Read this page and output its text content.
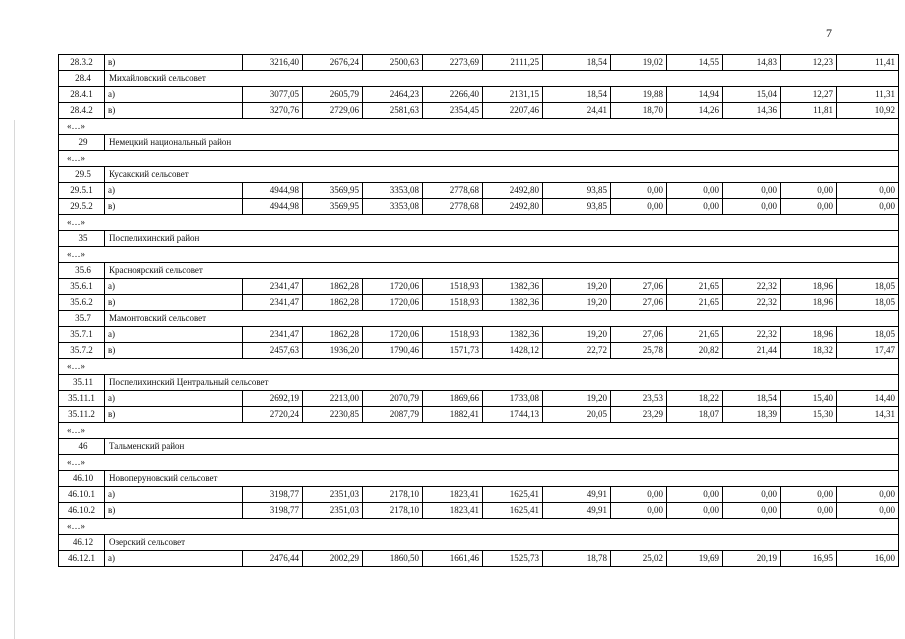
7
28.3.2	в)	3216,40	2676,24	2500,63	2273,69	2111,25	18,54	19,02	14,55	14,83	12,23	11,41
28.4	Михайловский сельсовет											
28.4.1	а)	3077,05	2605,79	2464,23	2266,40	2131,15	18,54	19,88	14,94	15,04	12,27	11,31
28.4.2	в)	3270,76	2729,06	2581,63	2354,45	2207,46	24,41	18,70	14,26	14,36	11,81	10,92
«…»												
29	Немецкий национальный район											
«…»												
29.5	Кусакский сельсовет											
29.5.1	а)	4944,98	3569,95	3353,08	2778,68	2492,80	93,85	0,00	0,00	0,00	0,00	0,00
29.5.2	в)	4944,98	3569,95	3353,08	2778,68	2492,80	93,85	0,00	0,00	0,00	0,00	0,00
«…»												
35	Поспелихинский район											
«…»												
35.6	Красноярский сельсовет											
35.6.1	а)	2341,47	1862,28	1720,06	1518,93	1382,36	19,20	27,06	21,65	22,32	18,96	18,05
35.6.2	в)	2341,47	1862,28	1720,06	1518,93	1382,36	19,20	27,06	21,65	22,32	18,96	18,05
35.7	Мамонтовский сельсовет											
35.7.1	а)	2341,47	1862,28	1720,06	1518,93	1382,36	19,20	27,06	21,65	22,32	18,96	18,05
35.7.2	в)	2457,63	1936,20	1790,46	1571,73	1428,12	22,72	25,78	20,82	21,44	18,32	17,47
«…»												
35.11	Поспелихинский Центральный сельсовет											
35.11.1	а)	2692,19	2213,00	2070,79	1869,66	1733,08	19,20	23,53	18,22	18,54	15,40	14,40
35.11.2	в)	2720,24	2230,85	2087,79	1882,41	1744,13	20,05	23,29	18,07	18,39	15,30	14,31
«…»												
46	Тальменский район											
«…»												
46.10	Новоперуновский сельсовет											
46.10.1	а)	3198,77	2351,03	2178,10	1823,41	1625,41	49,91	0,00	0,00	0,00	0,00	0,00
46.10.2	в)	3198,77	2351,03	2178,10	1823,41	1625,41	49,91	0,00	0,00	0,00	0,00	0,00
«…»												
46.12	Озерский сельсовет											
46.12.1	а)	2476,44	2002,29	1860,50	1661,46	1525,73	18,78	25,02	19,69	20,19	16,95	16,00
